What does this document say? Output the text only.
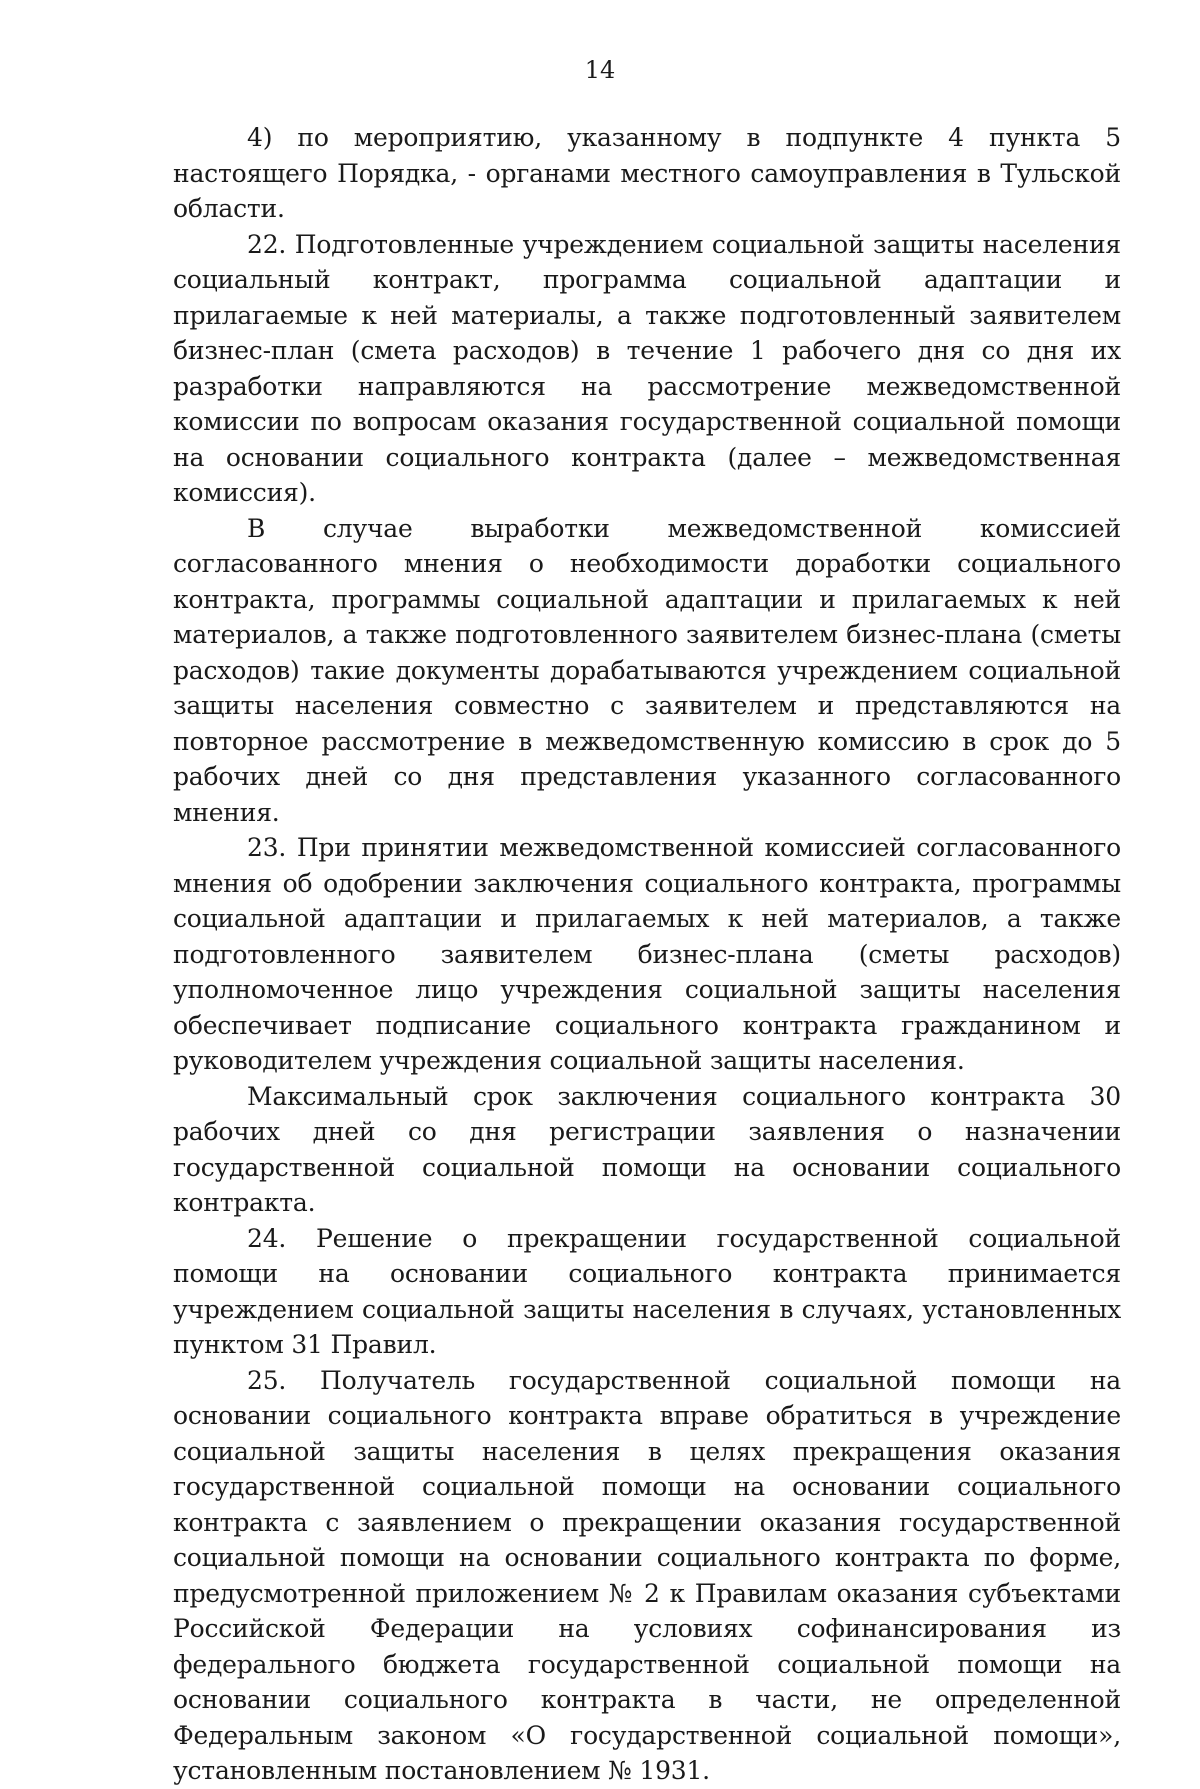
14

4) по мероприятию, указанному в подпункте 4 пункта 5 настоящего Порядка, - органами местного самоуправления в Тульской области.

22. Подготовленные учреждением социальной защиты населения социальный контракт, программа социальной адаптации и прилагаемые к ней материалы, а также подготовленный заявителем бизнес-план (смета расходов) в течение 1 рабочего дня со дня их разработки направляются на рассмотрение межведомственной комиссии по вопросам оказания государственной социальной помощи на основании социального контракта (далее – межведомственная комиссия).

В случае выработки межведомственной комиссией согласованного мнения о необходимости доработки социального контракта, программы социальной адаптации и прилагаемых к ней материалов, а также подготовленного заявителем бизнес-плана (сметы расходов) такие документы дорабатываются учреждением социальной защиты населения совместно с заявителем и представляются на повторное рассмотрение в межведомственную комиссию в срок до 5 рабочих дней со дня представления указанного согласованного мнения.

23. При принятии межведомственной комиссией согласованного мнения об одобрении заключения социального контракта, программы социальной адаптации и прилагаемых к ней материалов, а также подготовленного заявителем бизнес-плана (сметы расходов) уполномоченное лицо учреждения социальной защиты населения обеспечивает подписание социального контракта гражданином и руководителем учреждения социальной защиты населения.

Максимальный срок заключения социального контракта 30 рабочих дней со дня регистрации заявления о назначении государственной социальной помощи на основании социального контракта.

24. Решение о прекращении государственной социальной помощи на основании социального контракта принимается учреждением социальной защиты населения в случаях, установленных пунктом 31 Правил.

25. Получатель государственной социальной помощи на основании социального контракта вправе обратиться в учреждение социальной защиты населения в целях прекращения оказания государственной социальной помощи на основании социального контракта с заявлением о прекращении оказания государственной социальной помощи на основании социального контракта по форме, предусмотренной приложением № 2 к Правилам оказания субъектами Российской Федерации на условиях софинансирования из федерального бюджета государственной социальной помощи на основании социального контракта в части, не определенной Федеральным законом «О государственной социальной помощи», установленным постановлением № 1931.
